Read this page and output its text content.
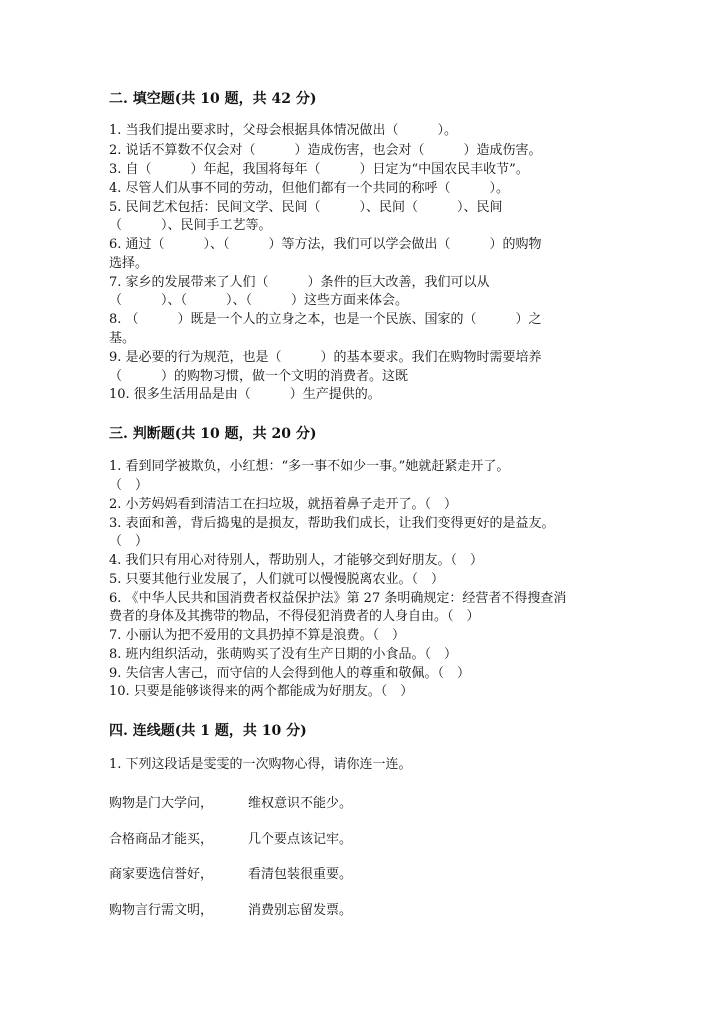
二. 填空题(共 10 题，共 42 分)
1. 当我们提出要求时，父母会根据具体情况做出（　　　）。
2. 说话不算数不仅会对（　　　）造成伤害，也会对（　　　）造成伤害。
3. 自（　　　）年起，我国将每年（　　　）日定为“中国农民丰收节”。
4. 尽管人们从事不同的劳动，但他们都有一个共同的称呼（　　　）。
5. 民间艺术包括：民间文学、民间（　　　）、民间（　　　）、民间
（　　　）、民间手工艺等。
6. 通过（　　　）、（　　　）等方法，我们可以学会做出（　　　）的购物
选择。
7. 家乡的发展带来了人们（　　　）条件的巨大改善，我们可以从
（　　　）、（　　　）、（　　　）这些方面来体会。
8. （　　　）既是一个人的立身之本，也是一个民族、国家的（　　　）之
基。
9. 是必要的行为规范，也是（　　　）的基本要求。我们在购物时需要培养
（　　　）的购物习惯，做一个文明的消费者。这既
10. 很多生活用品是由（　　　）生产提供的。
三. 判断题(共 10 题，共 20 分)
1. 看到同学被欺负，小红想：“多一事不如少一事。”她就赶紧走开了。
（　）
2. 小芳妈妈看到清洁工在扫垃圾，就捂着鼻子走开了。（　）
3. 表面和善，背后捣鬼的是损友，帮助我们成长，让我们变得更好的是益友。
（　）
4. 我们只有用心对待别人，帮助别人，才能够交到好朋友。（　）
5. 只要其他行业发展了，人们就可以慢慢脱离农业。（　）
6. 《中华人民共和国消费者权益保护法》第 27 条明确规定：经营者不得搜查消
费者的身体及其携带的物品，不得侵犯消费者的人身自由。（　）
7. 小丽认为把不爱用的文具扔掉不算是浪费。（　）
8. 班内组织活动，张萌购买了没有生产日期的小食品。（　）
9. 失信害人害己，而守信的人会得到他人的尊重和敬佩。（　）
10. 只要是能够谈得来的两个都能成为好朋友。（　）
四. 连线题(共 1 题，共 10 分)
1. 下列这段话是雯雯的一次购物心得，请你连一连。
购物是门大学问，	维权意识不能少。
合格商品才能买，	几个要点该记牢。
商家要选信誉好，	看清包装很重要。
购物言行需文明，	消费别忘留发票。
